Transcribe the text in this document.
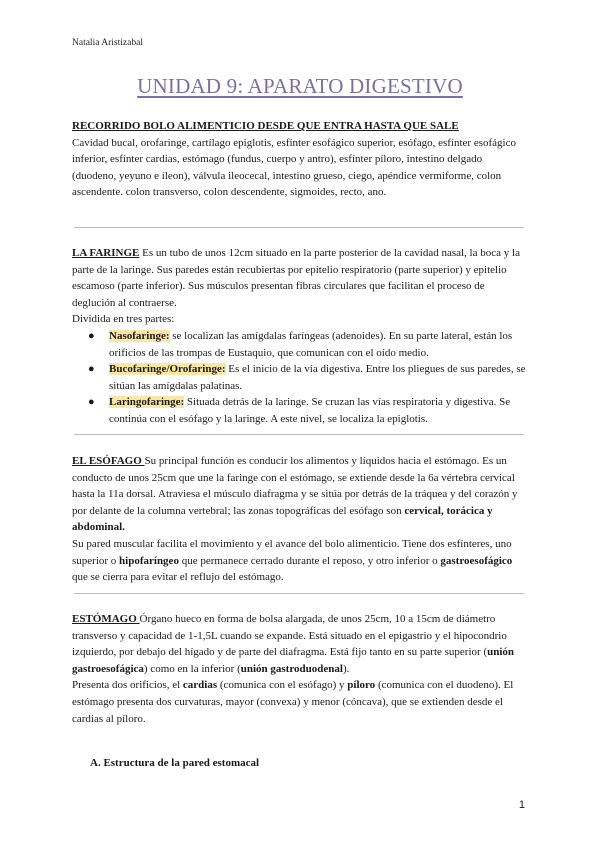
Natalia Aristizabal
UNIDAD 9: APARATO DIGESTIVO

RECORRIDO BOLO ALIMENTICIO DESDE QUE ENTRA HASTA QUE SALE

Cavidad bucal, orofaringe, cartílago epiglotis, esfínter esofágico superior, esófago, esfínter esofágico inferior, esfínter cardias, estómago (fundus, cuerpo y antro), esfínter píloro, intestino delgado (duodeno, yeyuno e íleon), válvula ileocecal, intestino grueso, ciego, apéndice vermiforme, colon ascendente. colon transverso, colon descendente, sigmoides, recto, ano.

LA FARINGE Es un tubo de unos 12cm situado en la parte posterior de la cavidad nasal, la boca y la parte de la laringe. Sus paredes están recubiertas por epitelio respiratorio (parte superior) y epitelio escamoso (parte inferior). Sus músculos presentan fibras circulares que facilitan el proceso de deglución al contraerse.

Dividida en tres partes:

● Nasofaringe: se localizan las amígdalas faríngeas (adenoides). En su parte lateral, están los orificios de las trompas de Eustaquio, que comunican con el oído medio.
● Bucofaringe/Orofaringe: Es el inicio de la vía digestiva. Entre los pliegues de sus paredes, se sitúan las amígdalas palatinas.
● Laringofaringe: Situada detrás de la laringe. Se cruzan las vías respiratoria y digestiva. Se continúa con el esófago y la laringe. A este nivel, se localiza la epiglotis.

EL ESÓFAGO Su principal función es conducir los alimentos y líquidos hacia el estómago. Es un conducto de unos 25cm que une la faringe con el estómago, se extiende desde la 6a vértebra cervical hasta la 11a dorsal. Atraviesa el músculo diafragma y se sitúa por detrás de la tráquea y del corazón y por delante de la columna vertebral; las zonas topográficas del esófago son cervical, torácica y abdominal.

Su pared muscular facilita el movimiento y el avance del bolo alimenticio. Tiene dos esfínteres, uno superior o hipofaríngeo que permanece cerrado durante el reposo, y otro inferior o gastroesofágico que se cierra para evitar el reflujo del estómago.

ESTÓMAGO Órgano hueco en forma de bolsa alargada, de unos 25cm, 10 a 15cm de diámetro transverso y capacidad de 1-1,5L cuando se expande. Está situado en el epigastrio y el hipocondrio izquierdo, por debajo del hígado y de parte del diafragma. Está fijo tanto en su parte superior (unión gastroesofágica) como en la inferior (unión gastroduodenal).

Presenta dos orificios, el cardias (comunica con el esófago) y píloro (comunica con el duodeno). El estómago presenta dos curvaturas, mayor (convexa) y menor (cóncava), que se extienden desde el cardias al píloro.

A. Estructura de la pared estomacal
1
